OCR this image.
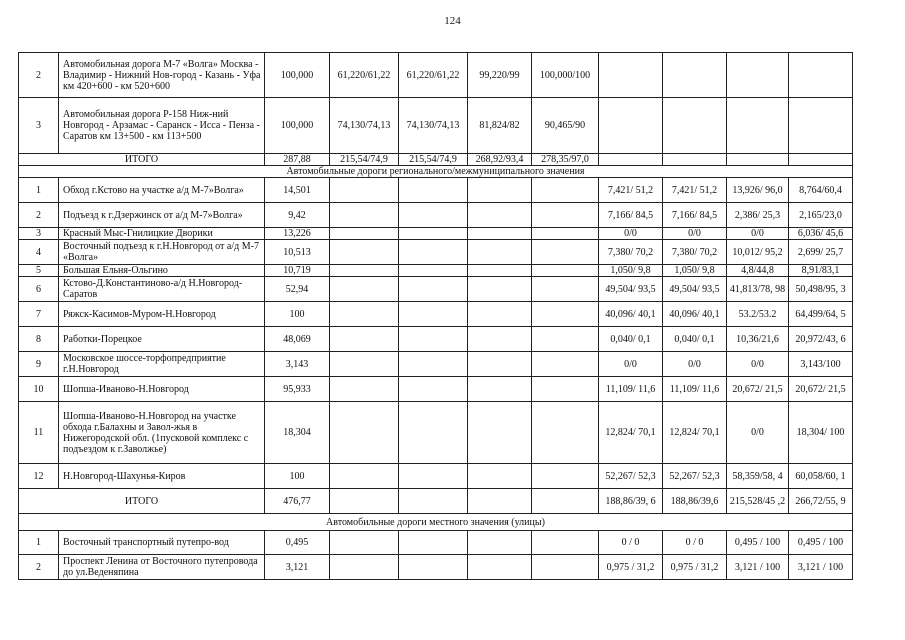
124
2	Автомобильная дорога М-7 «Волга» Москва - Владимир - Нижний Нов-город - Казань - Уфа км 420+600 - км 520+600	100,000	61,220/61,22	61,220/61,22	99,220/99	100,000/100				
3	Автомобильная дорога Р-158 Ниж-ний Новгород - Арзамас - Саранск - Исса - Пенза - Саратов км 13+500 - км 113+500	100,000	74,130/74,13	74,130/74,13	81,824/82	90,465/90				
ИТОГО		287,88	215,54/74,9	215,54/74,9	268,92/93,4	278,35/97,0				
Автомобильные дороги регионального/межмуниципального значения										
1	Обход г.Кстово на участке а/д М-7»Волга»	14,501					7,421/ 51,2	7,421/ 51,2	13,926/ 96,0	8,764/60,4
2	Подъезд к г.Дзержинск от а/д М-7»Волга»	9,42					7,166/ 84,5	7,166/ 84,5	2,386/ 25,3	2,165/23,0
3	Красный Мыс-Гнилицкие Дворики	13,226					0/0	0/0	0/0	6,036/ 45,6
4	Восточный подъезд к г.Н.Новгород от а/д М-7 «Волга»	10,513					7,380/ 70,2	7,380/ 70,2	10,012/ 95,2	2,699/ 25,7
5	Большая Ельня-Ольгино	10,719					1,050/ 9,8	1,050/ 9,8	4,8/44,8	8,91/83,1
6	Кстово-Д.Константиново-а/д Н.Новгород-Саратов	52,94					49,504/ 93,5	49,504/ 93,5	41,813/78, 98	50,498/95, 3
7	Ряжск-Касимов-Муром-Н.Новгород	100					40,096/ 40,1	40,096/ 40,1	53.2/53.2	64,499/64, 5
8	Работки-Порецкое	48,069					0,040/ 0,1	0,040/ 0,1	10,36/21,6	20,972/43, 6
9	Московское шоссе-торфопредприятие г.Н.Новгород	3,143					0/0	0/0	0/0	3,143/100
10	Шопша-Иваново-Н.Новгород	95,933					11,109/ 11,6	11,109/ 11,6	20,672/ 21,5	20,672/ 21,5
11	Шопша-Иваново-Н.Новгород на участке обхода г.Балахны и Завол-жья в Нижегородской обл. (1пусковой комплекс с подъездом к г.Заволжье)	18,304					12,824/ 70,1	12,824/ 70,1	0/0	18,304/ 100
12	Н.Новгород-Шахунья-Киров	100					52,267/ 52,3	52,267/ 52,3	58,359/58, 4	60,058/60, 1
ИТОГО		476,77					188,86/39, 6	188,86/39,6	215,528/45 ,2	266,72/55, 9
Автомобильные дороги местного значения (улицы)										
1	Восточный транспортный путепро-вод	0,495					0 / 0	0 / 0	0,495 / 100	0,495 / 100
2	Проспект Ленина от Восточного путепровода до ул.Веденяпина	3,121					0,975 / 31,2	0,975 / 31,2	3,121 / 100	3,121 / 100
